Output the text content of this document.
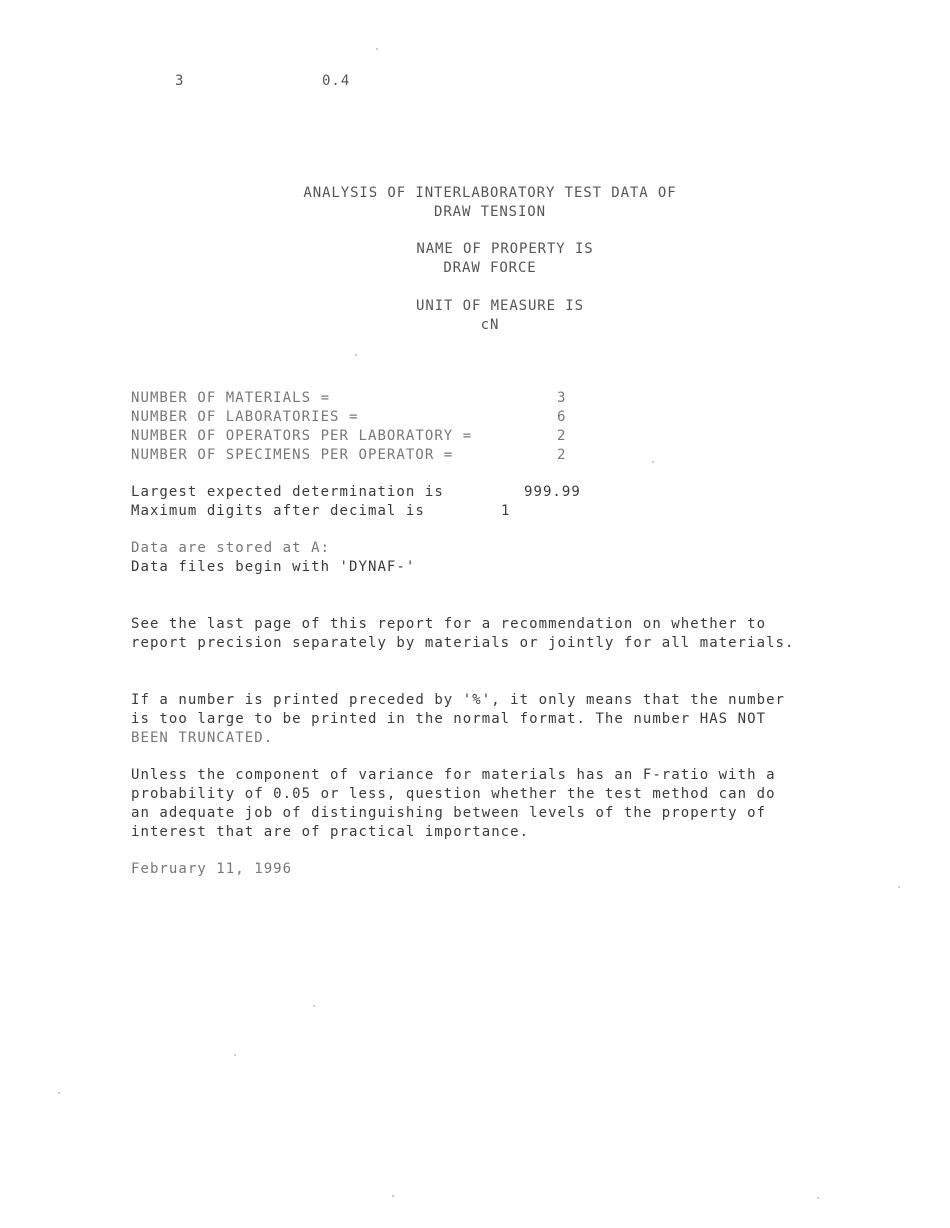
3	0.4
ANALYSIS OF INTERLABORATORY TEST DATA OF
DRAW TENSION
NAME OF PROPERTY IS
DRAW FORCE
UNIT OF MEASURE IS
cN
NUMBER OF MATERIALS =	3
NUMBER OF LABORATORIES =	6
NUMBER OF OPERATORS PER LABORATORY =	2
NUMBER OF SPECIMENS PER OPERATOR =	2
Largest expected determination is	999.99
Maximum digits after decimal is	1
Data are stored at A:
Data files begin with 'DYNAF-'
See the last page of this report for a recommendation on whether to
report precision separately by materials or jointly for all materials.
If a number is printed preceded by '%', it only means that the number
is too large to be printed in the normal format. The number HAS NOT
BEEN TRUNCATED.
Unless the component of variance for materials has an F-ratio with a
probability of 0.05 or less, question whether the test method can do
an adequate job of distinguishing between levels of the property of
interest that are of practical importance.
February 11, 1996
